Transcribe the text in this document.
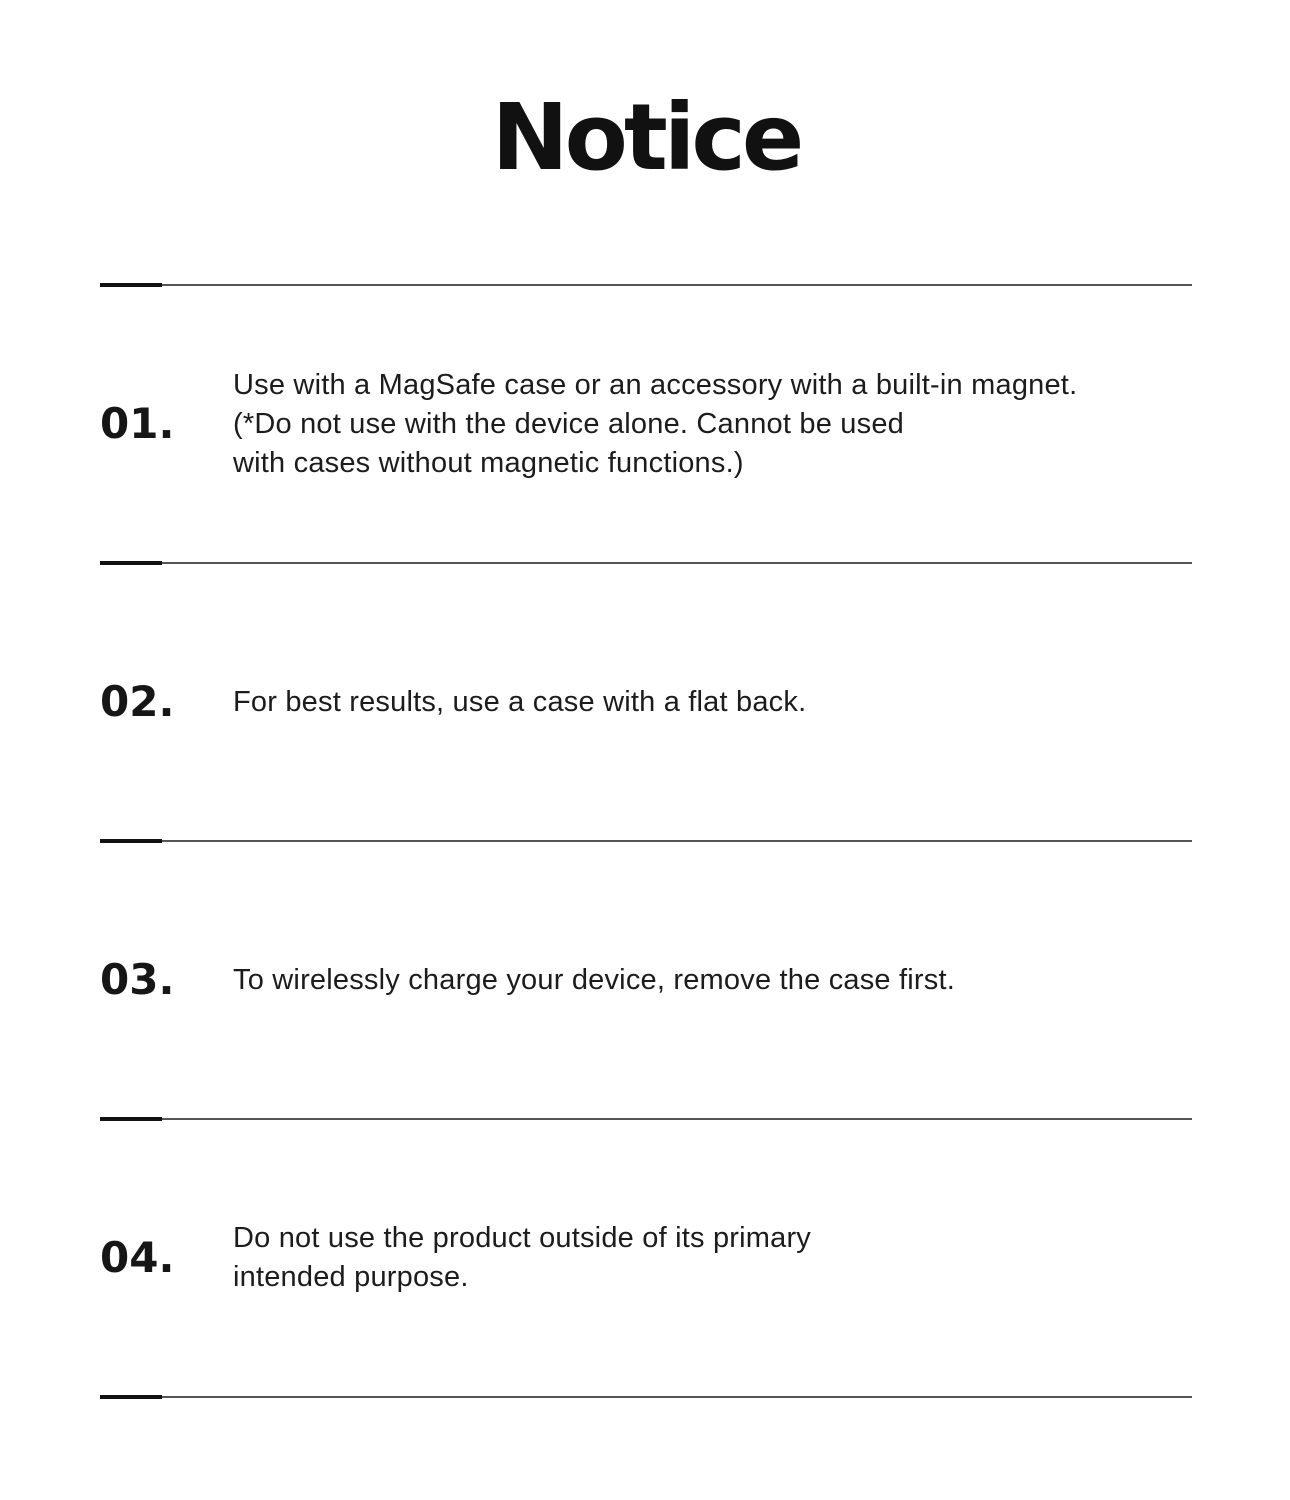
Notice
01.
Use with a MagSafe case or an accessory with a built-in magnet.
(*Do not use with the device alone. Cannot be used
with cases without magnetic functions.)
02.	For best results, use a case with a flat back.
03.	To wirelessly charge your device, remove the case first.
04.	Do not use the product outside of its primary
intended purpose.
